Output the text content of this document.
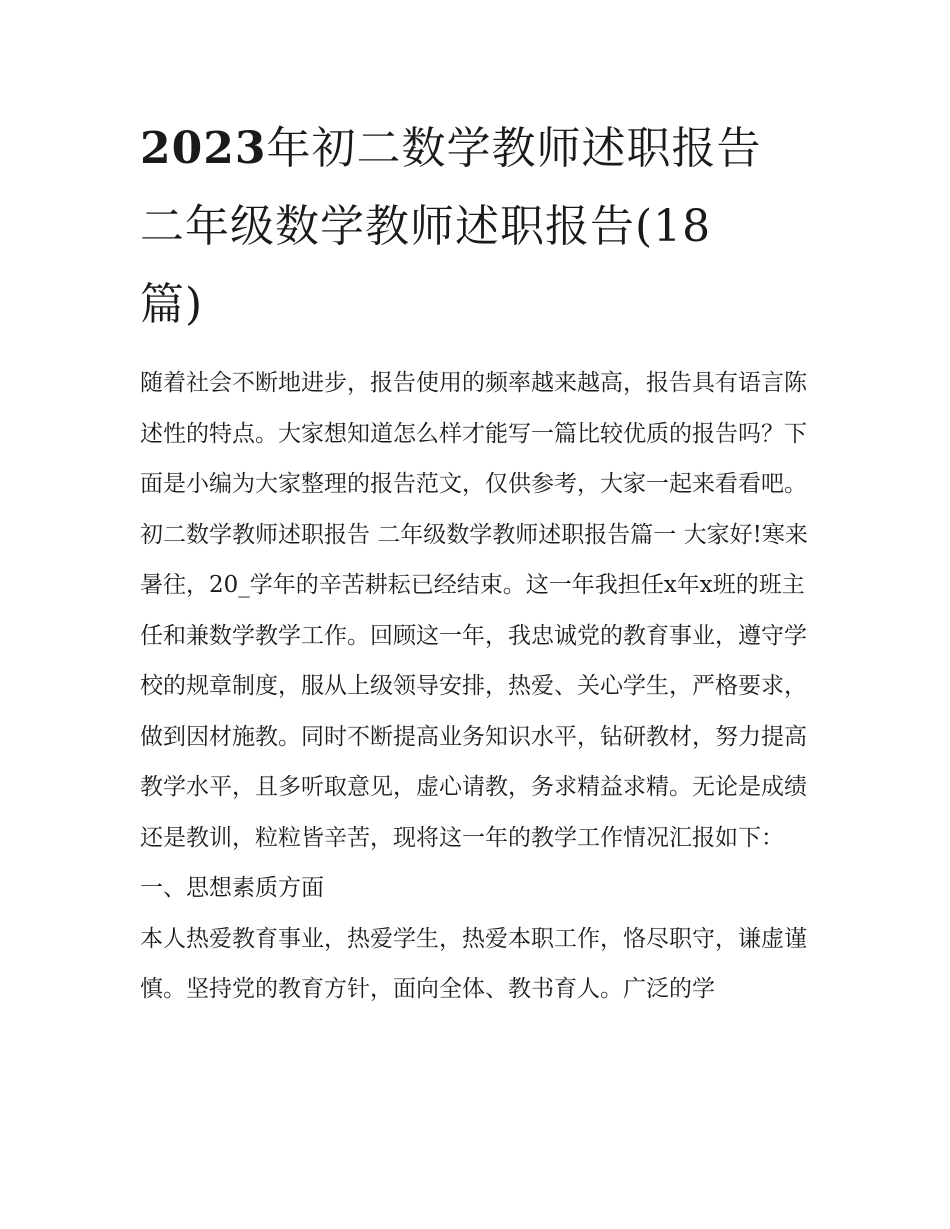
2023年初二数学教师述职报告
二年级数学教师述职报告(18
篇)

随着社会不断地进步，报告使用的频率越来越高，报告具有语言陈述性的特点。大家想知道怎么样才能写一篇比较优质的报告吗？下面是小编为大家整理的报告范文，仅供参考，大家一起来看看吧。

初二数学教师述职报告 二年级数学教师述职报告篇一 大家好!寒来暑往，20_学年的辛苦耕耘已经结束。这一年我担任x年x班的班主任和兼数学教学工作。回顾这一年，我忠诚党的教育事业，遵守学校的规章制度，服从上级领导安排，热爱、关心学生，严格要求，做到因材施教。同时不断提高业务知识水平，钻研教材，努力提高教学水平，且多听取意见，虚心请教，务求精益求精。无论是成绩还是教训，粒粒皆辛苦，现将这一年的教学工作情况汇报如下：

一、思想素质方面

本人热爱教育事业，热爱学生，热爱本职工作，恪尽职守，谦虚谨慎。坚持党的教育方针，面向全体、教书育人。广泛的学
